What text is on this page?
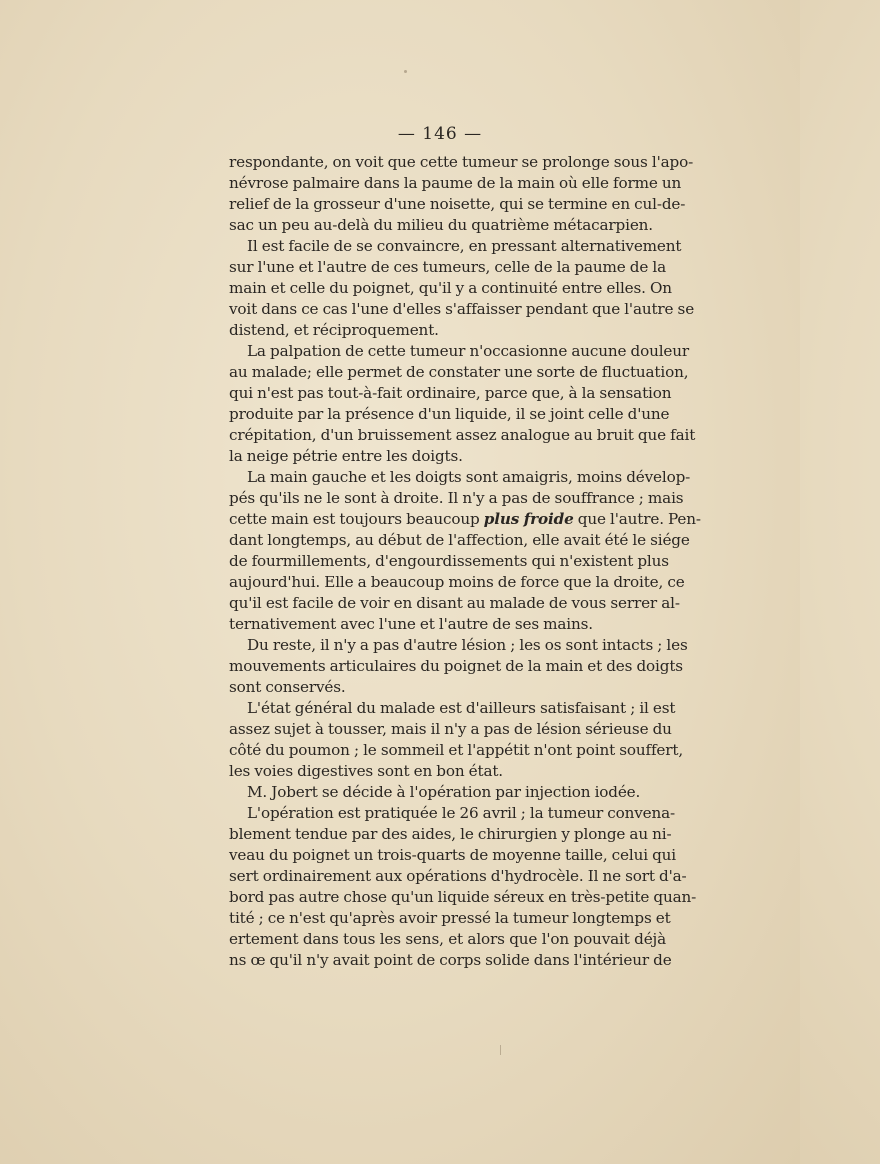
— 146 —
respondante, on voit que cette tumeur se prolonge sous l'apo-
névrose palmaire dans la paume de la main où elle forme un
relief de la grosseur d'une noisette, qui se termine en cul-de-
sac un peu au-delà du milieu du quatrième métacarpien.
Il est facile de se convaincre, en pressant alternativement
sur l'une et l'autre de ces tumeurs, celle de la paume de la
main et celle du poignet, qu'il y a continuité entre elles. On
voit dans ce cas l'une d'elles s'affaisser pendant que l'autre se
distend, et réciproquement.
La palpation de cette tumeur n'occasionne aucune douleur
au malade; elle permet de constater une sorte de fluctuation,
qui n'est pas tout-à-fait ordinaire, parce que, à la sensation
produite par la présence d'un liquide, il se joint celle d'une
crépitation, d'un bruissement assez analogue au bruit que fait
la neige pétrie entre les doigts.
La main gauche et les doigts sont amaigris, moins dévelop-
pés qu'ils ne le sont à droite. Il n'y a pas de souffrance ; mais
cette main est toujours beaucoup plus froide que l'autre. Pen-
dant longtemps, au début de l'affection, elle avait été le siége
de fourmillements, d'engourdissements qui n'existent plus
aujourd'hui. Elle a beaucoup moins de force que la droite, ce
qu'il est facile de voir en disant au malade de vous serrer al-
ternativement avec l'une et l'autre de ses mains.
Du reste, il n'y a pas d'autre lésion ; les os sont intacts ; les
mouvements articulaires du poignet de la main et des doigts
sont conservés.
L'état général du malade est d'ailleurs satisfaisant ; il est
assez sujet à tousser, mais il n'y a pas de lésion sérieuse du
côté du poumon ; le sommeil et l'appétit n'ont point souffert,
les voies digestives sont en bon état.
M. Jobert se décide à l'opération par injection iodée.
L'opération est pratiquée le 26 avril ; la tumeur convena-
blement tendue par des aides, le chirurgien y plonge au ni-
veau du poignet un trois-quarts de moyenne taille, celui qui
sert ordinairement aux opérations d'hydrocèle. Il ne sort d'a-
bord pas autre chose qu'un liquide séreux en très-petite quan-
tité ; ce n'est qu'après avoir pressé la tumeur longtemps et
ertement dans tous les sens, et alors que l'on pouvait déjà
ns œ qu'il n'y avait point de corps solide dans l'intérieur de
